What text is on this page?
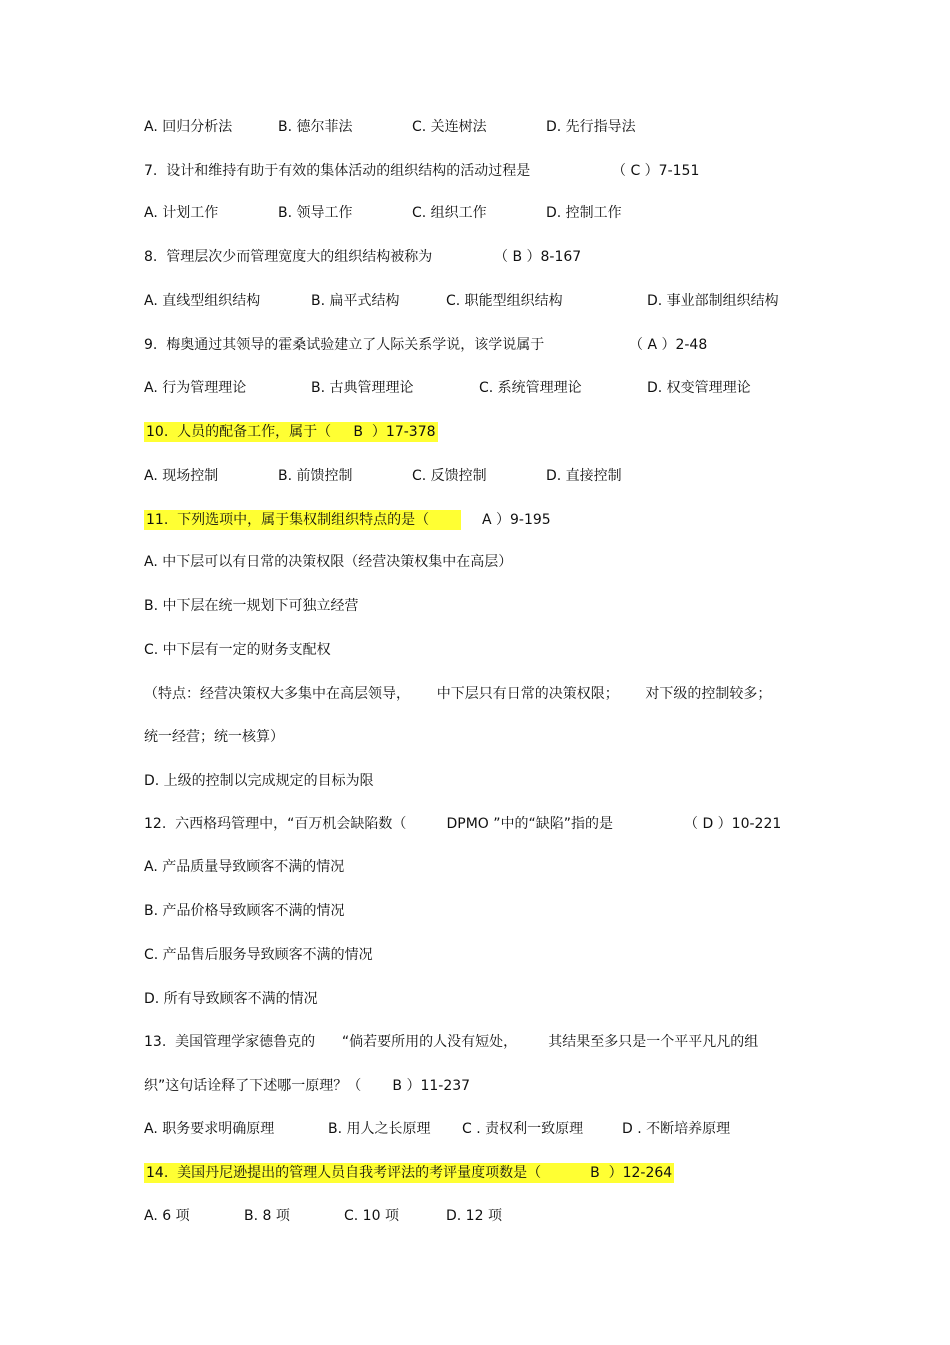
A. 回归分析法

	B. 德尔菲法

	C. 关连树法

	D. 先行指导法

7.  设计和维持有助于有效的集体活动的组织结构的活动过程是

	（ C ）7-151

A. 计划工作

	B. 领导工作

	C. 组织工作

	D. 控制工作

8.  管理层次少而管理宽度大的组织结构被称为

	（ B ）8-167

A. 直线型组织结构

	B. 扁平式结构

	C. 职能型组织结构

	D. 事业部制组织结构

9.  梅奥通过其领导的霍桑试验建立了人际关系学说，该学说属于

	（ A ）2-48

A. 行为管理理论

	B. 古典管理理论

	C. 系统管理理论

	D. 权变管理理论

10.  人员的配备工作，属于（     B  ）17-378

A. 现场控制

	B. 前馈控制

	C. 反馈控制

	D. 直接控制

11.  下列选项中，属于集权制组织特点的是（

	A ）9-195

A. 中下层可以有日常的决策权限（经营决策权集中在高层）
B. 中下层在统一规划下可独立经营
C. 中下层有一定的财务支配权
（特点：经营决策权大多集中在高层领导，      中下层只有日常的决策权限；      对下级的控制较多；
统一经营；统一核算）
D. 上级的控制以完成规定的目标为限

12.  六西格玛管理中，“百万机会缺陷数（         DPMO ”中的“缺陷”指的是

	（ D ）10-221

A. 产品质量导致顾客不满的情况
B. 产品价格导致顾客不满的情况
C. 产品售后服务导致顾客不满的情况
D. 所有导致顾客不满的情况
13.  美国管理学家德鲁克的      “倘若要所用的人没有短处，       其结果至多只是一个平平凡凡的组
织”这句话诠释了下述哪一原理？（       B ）11-237

A. 职务要求明确原理

	B. 用人之长原理

C . 责权利一致原理

	D . 不断培养原理

14.  美国丹尼逊提出的管理人员自我考评法的考评量度项数是（           B  ）12-264

A. 6 项

	B. 8 项

	C. 10 项

	D. 12 项
